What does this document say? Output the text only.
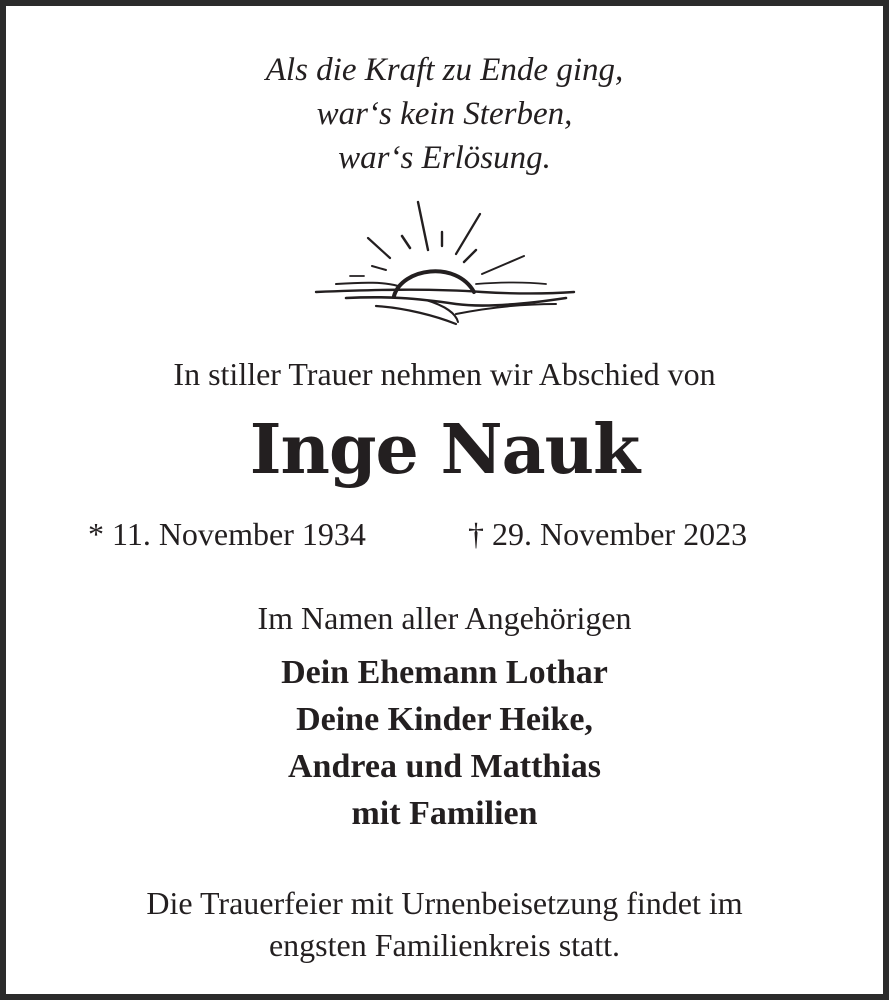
Als die Kraft zu Ende ging,
war‘s kein Sterben,
war‘s Erlösung.
In stiller Trauer nehmen wir Abschied von
Inge Nauk
* 11. November 1934	† 29. November 2023
Im Namen aller Angehörigen
Dein Ehemann Lothar
Deine Kinder Heike,
Andrea und Matthias
mit Familien
Die Trauerfeier mit Urnenbeisetzung findet im
engsten Familienkreis statt.
